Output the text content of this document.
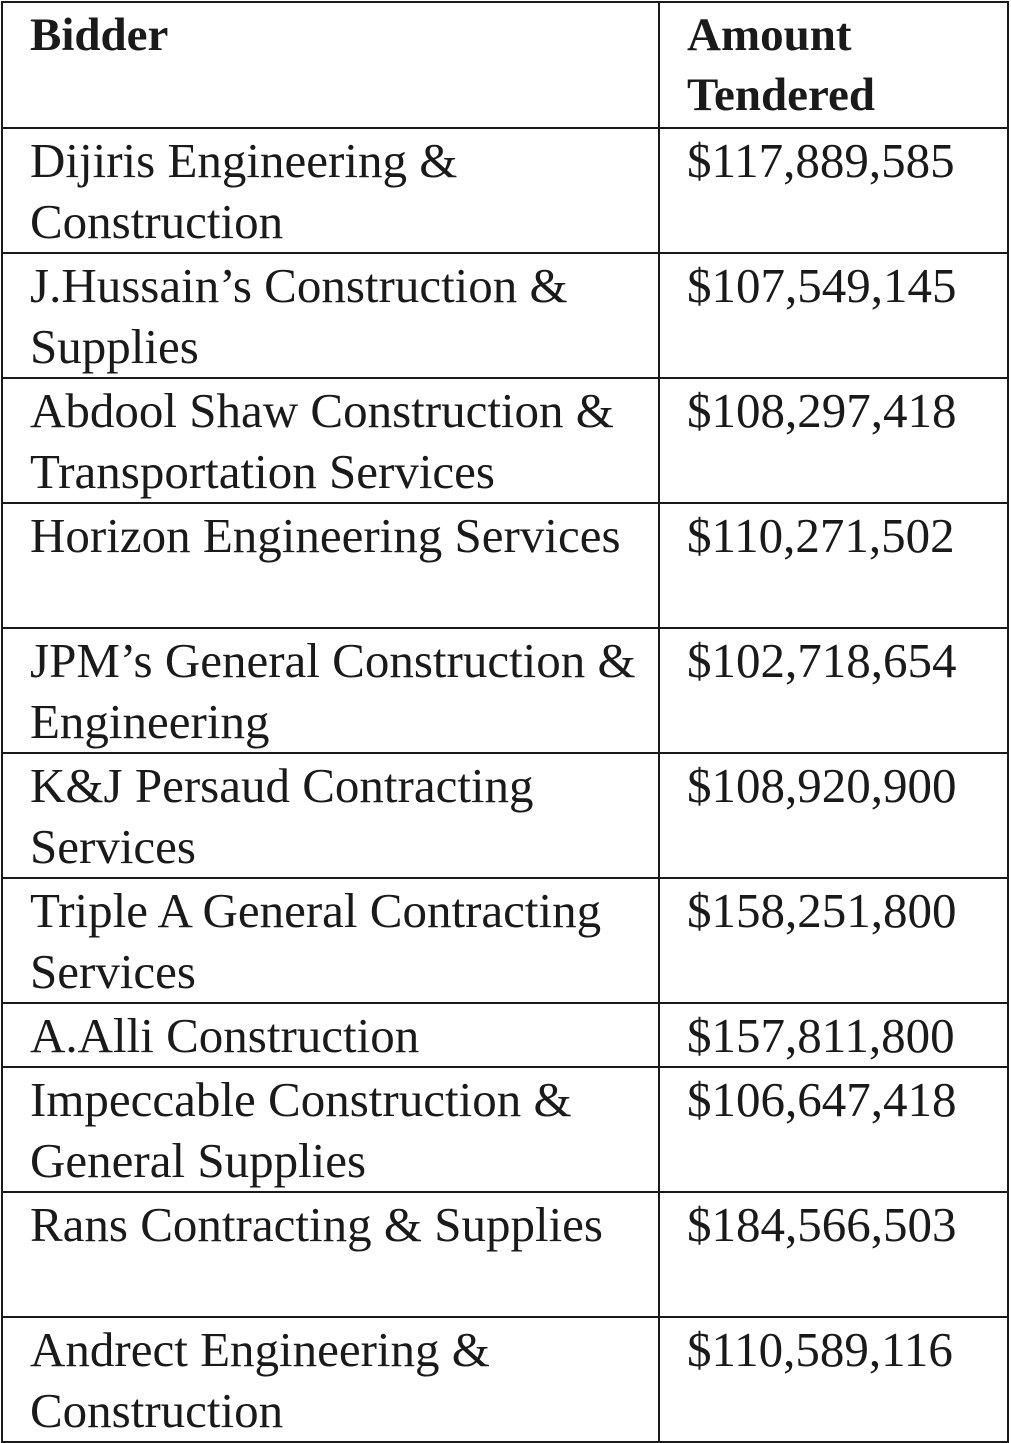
Bidder	Amount Tendered
Dijiris Engineering & Construction	$117,889,585
J.Hussain’s Construction & Supplies	$107,549,145
Abdool Shaw Construction & Transportation Services	$108,297,418
Horizon Engineering Services	$110,271,502
JPM’s General Construction & Engineering	$102,718,654
K&J Persaud Contracting Services	$108,920,900
Triple A General Contracting Services	$158,251,800
A.Alli Construction	$157,811,800
Impeccable Construction & General Supplies	$106,647,418
Rans Contracting & Supplies	$184,566,503
Andrect Engineering & Construction	$110,589,116
